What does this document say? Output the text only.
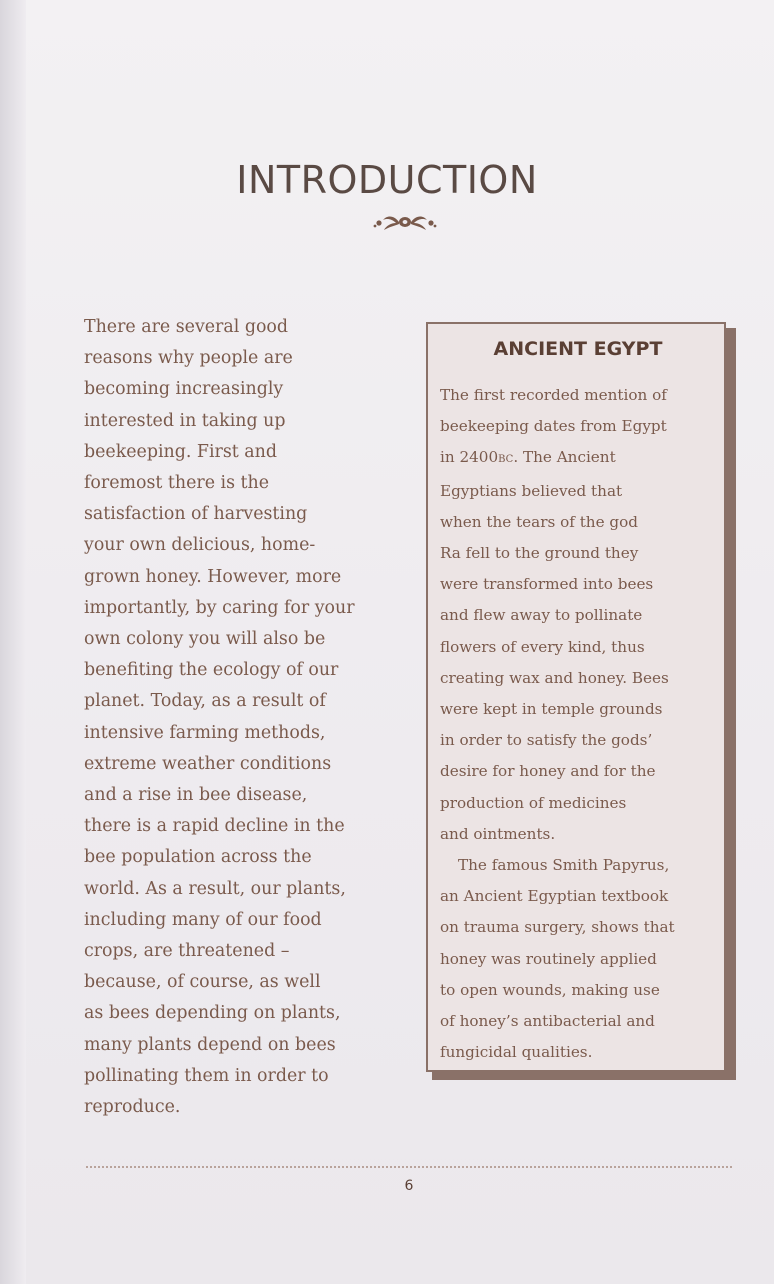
INTRODUCTION
There are several good
reasons why people are
becoming increasingly
interested in taking up
beekeeping. First and
foremost there is the
satisfaction of harvesting
your own delicious, home-
grown honey. However, more
importantly, by caring for your
own colony you will also be
benefiting the ecology of our
planet. Today, as a result of
intensive farming methods,
extreme weather conditions
and a rise in bee disease,
there is a rapid decline in the
bee population across the
world. As a result, our plants,
including many of our food
crops, are threatened –
because, of course, as well
as bees depending on plants,
many plants depend on bees
pollinating them in order to
reproduce.
ANCIENT EGYPT
The first recorded mention of
beekeeping dates from Egypt
in 2400BC. The Ancient
Egyptians believed that
when the tears of the god
Ra fell to the ground they
were transformed into bees
and flew away to pollinate
flowers of every kind, thus
creating wax and honey. Bees
were kept in temple grounds
in order to satisfy the gods’
desire for honey and for the
production of medicines
and ointments.
The famous Smith Papyrus,
an Ancient Egyptian textbook
on trauma surgery, shows that
honey was routinely applied
to open wounds, making use
of honey’s antibacterial and
fungicidal qualities.
6
